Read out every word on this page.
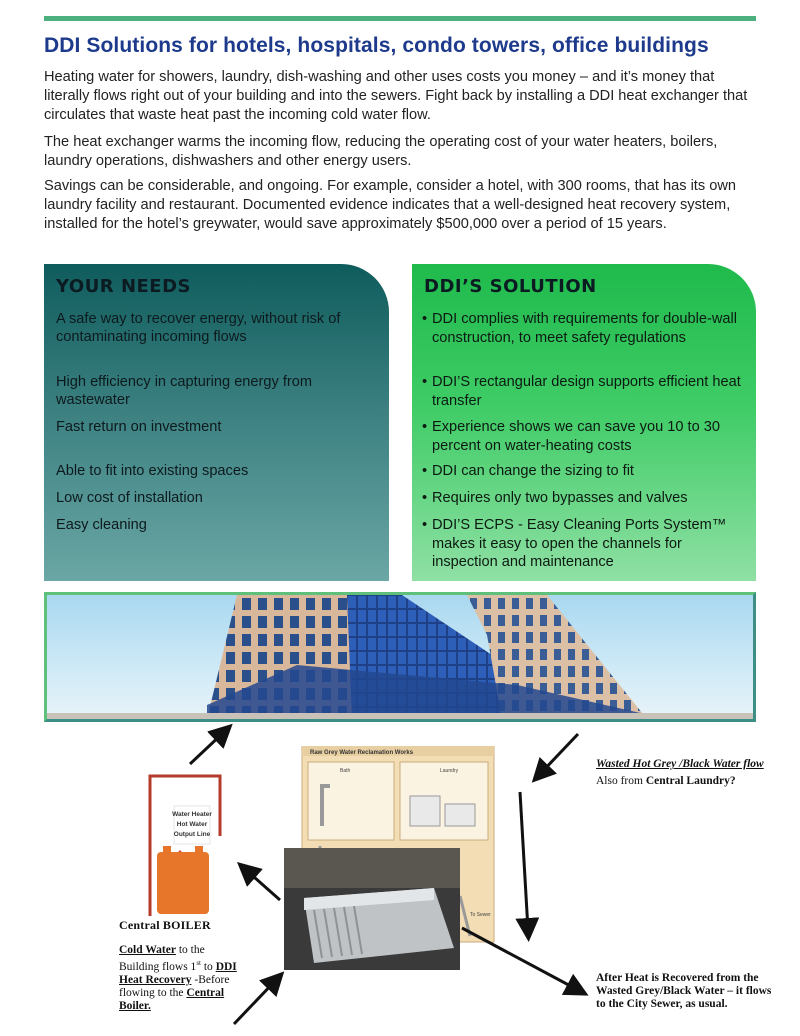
DDI Solutions for hotels, hospitals, condo towers, office buildings

Heating water for showers, laundry, dish-washing and other uses costs you money – and it’s money that literally flows right out of your building and into the sewers. Fight back by installing a DDI heat exchanger that circulates that waste heat past the incoming cold water flow.

The heat exchanger warms the incoming flow, reducing the operating cost of your water heaters, boilers, laundry operations, dishwashers and other energy users.

Savings can be considerable, and ongoing. For example, consider a hotel, with 300 rooms, that has its own laundry facility and restaurant. Documented evidence indicates that a well-designed heat recovery system, installed for the hotel’s greywater, would save approximately $500,000 over a period of 15 years.

YOUR NEEDS
A safe way to recover energy, without risk of contaminating incoming flows
High efficiency in capturing energy from wastewater
Fast return on investment
Able to fit into existing spaces
Low cost of installation
Easy cleaning
DDI’S SOLUTION
• DDI complies with requirements for double-wall construction, to meet safety regulations
• DDI’S rectangular design supports efficient heat transfer
• Experience shows we can save you 10 to 30 percent on water-heating costs
• DDI can change the sizing to fit
• Requires only two bypasses and valves
• DDI’S ECPS - Easy Cleaning Ports System™ makes it easy to open the channels for inspection and maintenance
Water Heater
Hot Water
Output Line
Raw Grey Water Reclamation Works
Bath	Laundry
To Sewer
Wasted Hot Grey /Black Water flow
Also from Central Laundry?
Central BOILER
Cold Water to the Building flows 1st to DDI Heat Recovery -Before flowing to the Central Boiler.
After Heat is Recovered from the Wasted Grey/Black Water – it flows to the City Sewer, as usual.
